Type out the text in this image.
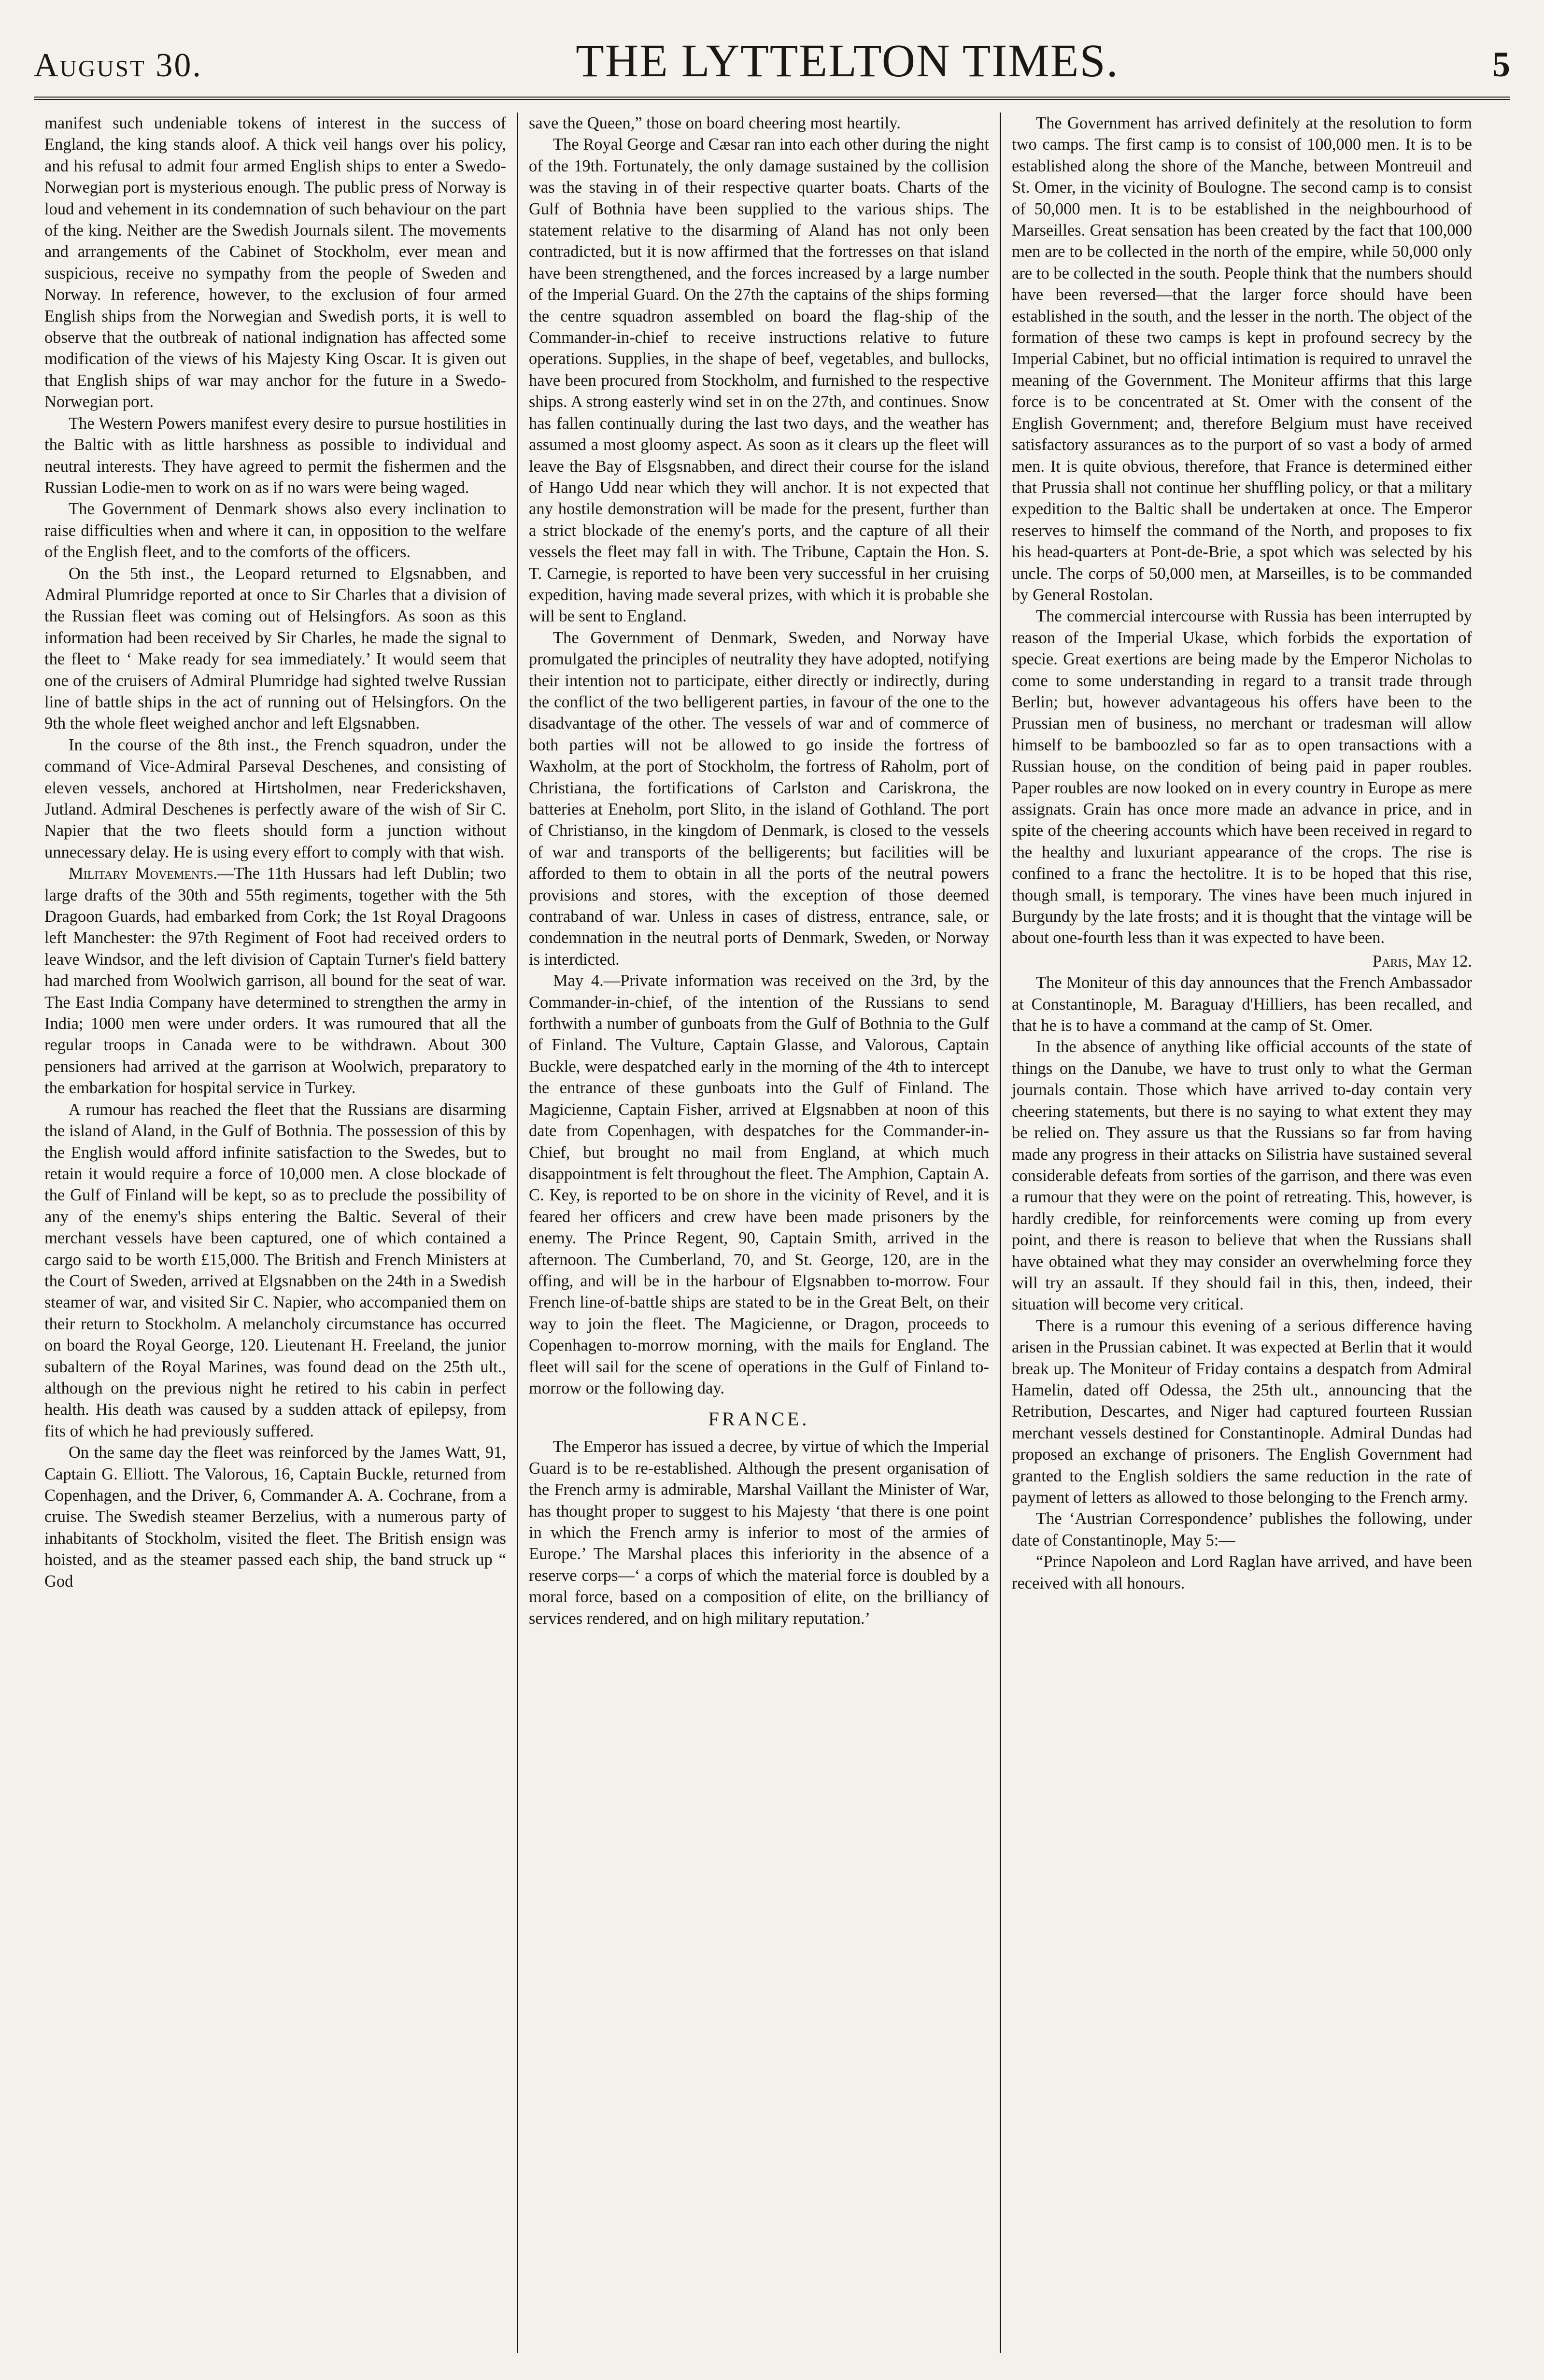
August 30.	THE LYTTELTON TIMES.	5

manifest such undeniable tokens of interest in the success of England, the king stands aloof. A thick veil hangs over his policy, and his refusal to admit four armed English ships to enter a Swedo-Norwegian port is mysterious enough. The public press of Norway is loud and vehement in its condemnation of such behaviour on the part of the king. Neither are the Swedish Journals silent. The movements and arrangements of the Cabinet of Stockholm, ever mean and suspicious, receive no sympathy from the people of Sweden and Norway. In reference, however, to the exclusion of four armed English ships from the Norwegian and Swedish ports, it is well to observe that the outbreak of national indignation has affected some modification of the views of his Majesty King Oscar. It is given out that English ships of war may anchor for the future in a Swedo-Norwegian port.

The Western Powers manifest every desire to pursue hostilities in the Baltic with as little harshness as possible to individual and neutral interests. They have agreed to permit the fishermen and the Russian Lodie-men to work on as if no wars were being waged.

The Government of Denmark shows also every inclination to raise difficulties when and where it can, in opposition to the welfare of the English fleet, and to the comforts of the officers.

On the 5th inst., the Leopard returned to Elgsnabben, and Admiral Plumridge reported at once to Sir Charles that a division of the Russian fleet was coming out of Helsingfors. As soon as this information had been received by Sir Charles, he made the signal to the fleet to ‘ Make ready for sea immediately.’ It would seem that one of the cruisers of Admiral Plumridge had sighted twelve Russian line of battle ships in the act of running out of Helsingfors. On the 9th the whole fleet weighed anchor and left Elgsnabben.

In the course of the 8th inst., the French squadron, under the command of Vice-Admiral Parseval Deschenes, and consisting of eleven vessels, anchored at Hirtsholmen, near Frederickshaven, Jutland. Admiral Deschenes is perfectly aware of the wish of Sir C. Napier that the two fleets should form a junction without unnecessary delay. He is using every effort to comply with that wish.

Military Movements.—The 11th Hussars had left Dublin; two large drafts of the 30th and 55th regiments, together with the 5th Dragoon Guards, had embarked from Cork; the 1st Royal Dragoons left Manchester: the 97th Regiment of Foot had received orders to leave Windsor, and the left division of Captain Turner's field battery had marched from Woolwich garrison, all bound for the seat of war. The East India Company have determined to strengthen the army in India; 1000 men were under orders. It was rumoured that all the regular troops in Canada were to be withdrawn. About 300 pensioners had arrived at the garrison at Woolwich, preparatory to the embarkation for hospital service in Turkey.

A rumour has reached the fleet that the Russians are disarming the island of Aland, in the Gulf of Bothnia. The possession of this by the English would afford infinite satisfaction to the Swedes, but to retain it would require a force of 10,000 men. A close blockade of the Gulf of Finland will be kept, so as to preclude the possibility of any of the enemy's ships entering the Baltic. Several of their merchant vessels have been captured, one of which contained a cargo said to be worth £15,000. The British and French Ministers at the Court of Sweden, arrived at Elgsnabben on the 24th in a Swedish steamer of war, and visited Sir C. Napier, who accompanied them on their return to Stockholm. A melancholy circumstance has occurred on board the Royal George, 120. Lieutenant H. Freeland, the junior subaltern of the Royal Marines, was found dead on the 25th ult., although on the previous night he retired to his cabin in perfect health. His death was caused by a sudden attack of epilepsy, from fits of which he had previously suffered.

On the same day the fleet was reinforced by the James Watt, 91, Captain G. Elliott. The Valorous, 16, Captain Buckle, returned from Copenhagen, and the Driver, 6, Commander A. A. Cochrane, from a cruise. The Swedish steamer Berzelius, with a numerous party of inhabitants of Stockholm, visited the fleet. The British ensign was hoisted, and as the steamer passed each ship, the band struck up “ God

save the Queen,” those on board cheering most heartily.

The Royal George and Cæsar ran into each other during the night of the 19th. Fortunately, the only damage sustained by the collision was the staving in of their respective quarter boats. Charts of the Gulf of Bothnia have been supplied to the various ships. The statement relative to the disarming of Aland has not only been contradicted, but it is now affirmed that the fortresses on that island have been strengthened, and the forces increased by a large number of the Imperial Guard. On the 27th the captains of the ships forming the centre squadron assembled on board the flag-ship of the Commander-in-chief to receive instructions relative to future operations. Supplies, in the shape of beef, vegetables, and bullocks, have been procured from Stockholm, and furnished to the respective ships. A strong easterly wind set in on the 27th, and continues. Snow has fallen continually during the last two days, and the weather has assumed a most gloomy aspect. As soon as it clears up the fleet will leave the Bay of Elsgsnabben, and direct their course for the island of Hango Udd near which they will anchor. It is not expected that any hostile demonstration will be made for the present, further than a strict blockade of the enemy's ports, and the capture of all their vessels the fleet may fall in with. The Tribune, Captain the Hon. S. T. Carnegie, is reported to have been very successful in her cruising expedition, having made several prizes, with which it is probable she will be sent to England.

The Government of Denmark, Sweden, and Norway have promulgated the principles of neutrality they have adopted, notifying their intention not to participate, either directly or indirectly, during the conflict of the two belligerent parties, in favour of the one to the disadvantage of the other. The vessels of war and of commerce of both parties will not be allowed to go inside the fortress of Waxholm, at the port of Stockholm, the fortress of Raholm, port of Christiana, the fortifications of Carlston and Cariskrona, the batteries at Eneholm, port Slito, in the island of Gothland. The port of Christianso, in the kingdom of Denmark, is closed to the vessels of war and transports of the belligerents; but facilities will be afforded to them to obtain in all the ports of the neutral powers provisions and stores, with the exception of those deemed contraband of war. Unless in cases of distress, entrance, sale, or condemnation in the neutral ports of Denmark, Sweden, or Norway is interdicted.

May 4.—Private information was received on the 3rd, by the Commander-in-chief, of the intention of the Russians to send forthwith a number of gunboats from the Gulf of Bothnia to the Gulf of Finland. The Vulture, Captain Glasse, and Valorous, Captain Buckle, were despatched early in the morning of the 4th to intercept the entrance of these gunboats into the Gulf of Finland. The Magicienne, Captain Fisher, arrived at Elgsnabben at noon of this date from Copenhagen, with despatches for the Commander-in-Chief, but brought no mail from England, at which much disappointment is felt throughout the fleet. The Amphion, Captain A. C. Key, is reported to be on shore in the vicinity of Revel, and it is feared her officers and crew have been made prisoners by the enemy. The Prince Regent, 90, Captain Smith, arrived in the afternoon. The Cumberland, 70, and St. George, 120, are in the offing, and will be in the harbour of Elgsnabben to-morrow. Four French line-of-battle ships are stated to be in the Great Belt, on their way to join the fleet. The Magicienne, or Dragon, proceeds to Copenhagen to-morrow morning, with the mails for England. The fleet will sail for the scene of operations in the Gulf of Finland to-morrow or the following day.

FRANCE.

The Emperor has issued a decree, by virtue of which the Imperial Guard is to be re-established. Although the present organisation of the French army is admirable, Marshal Vaillant the Minister of War, has thought proper to suggest to his Majesty ‘that there is one point in which the French army is inferior to most of the armies of Europe.’ The Marshal places this inferiority in the absence of a reserve corps—‘ a corps of which the material force is doubled by a moral force, based on a composition of elite, on the brilliancy of services rendered, and on high military reputation.’

The Government has arrived definitely at the resolution to form two camps. The first camp is to consist of 100,000 men. It is to be established along the shore of the Manche, between Montreuil and St. Omer, in the vicinity of Boulogne. The second camp is to consist of 50,000 men. It is to be established in the neighbourhood of Marseilles. Great sensation has been created by the fact that 100,000 men are to be collected in the north of the empire, while 50,000 only are to be collected in the south. People think that the numbers should have been reversed—that the larger force should have been established in the south, and the lesser in the north. The object of the formation of these two camps is kept in profound secrecy by the Imperial Cabinet, but no official intimation is required to unravel the meaning of the Government. The Moniteur affirms that this large force is to be concentrated at St. Omer with the consent of the English Government; and, therefore Belgium must have received satisfactory assurances as to the purport of so vast a body of armed men. It is quite obvious, therefore, that France is determined either that Prussia shall not continue her shuffling policy, or that a military expedition to the Baltic shall be undertaken at once. The Emperor reserves to himself the command of the North, and proposes to fix his head-quarters at Pont-de-Brie, a spot which was selected by his uncle. The corps of 50,000 men, at Marseilles, is to be commanded by General Rostolan.

The commercial intercourse with Russia has been interrupted by reason of the Imperial Ukase, which forbids the exportation of specie. Great exertions are being made by the Emperor Nicholas to come to some understanding in regard to a transit trade through Berlin; but, however advantageous his offers have been to the Prussian men of business, no merchant or tradesman will allow himself to be bamboozled so far as to open transactions with a Russian house, on the condition of being paid in paper roubles. Paper roubles are now looked on in every country in Europe as mere assignats. Grain has once more made an advance in price, and in spite of the cheering accounts which have been received in regard to the healthy and luxuriant appearance of the crops. The rise is confined to a franc the hectolitre. It is to be hoped that this rise, though small, is temporary. The vines have been much injured in Burgundy by the late frosts; and it is thought that the vintage will be about one-fourth less than it was expected to have been.

Paris, May 12.

The Moniteur of this day announces that the French Ambassador at Constantinople, M. Baraguay d'Hilliers, has been recalled, and that he is to have a command at the camp of St. Omer.

In the absence of anything like official accounts of the state of things on the Danube, we have to trust only to what the German journals contain. Those which have arrived to-day contain very cheering statements, but there is no saying to what extent they may be relied on. They assure us that the Russians so far from having made any progress in their attacks on Silistria have sustained several considerable defeats from sorties of the garrison, and there was even a rumour that they were on the point of retreating. This, however, is hardly credible, for reinforcements were coming up from every point, and there is reason to believe that when the Russians shall have obtained what they may consider an overwhelming force they will try an assault. If they should fail in this, then, indeed, their situation will become very critical.

There is a rumour this evening of a serious difference having arisen in the Prussian cabinet. It was expected at Berlin that it would break up. The Moniteur of Friday contains a despatch from Admiral Hamelin, dated off Odessa, the 25th ult., announcing that the Retribution, Descartes, and Niger had captured fourteen Russian merchant vessels destined for Constantinople. Admiral Dundas had proposed an exchange of prisoners. The English Government had granted to the English soldiers the same reduction in the rate of payment of letters as allowed to those belonging to the French army.

The ‘Austrian Correspondence’ publishes the following, under date of Constantinople, May 5:—

“Prince Napoleon and Lord Raglan have arrived, and have been received with all honours.
